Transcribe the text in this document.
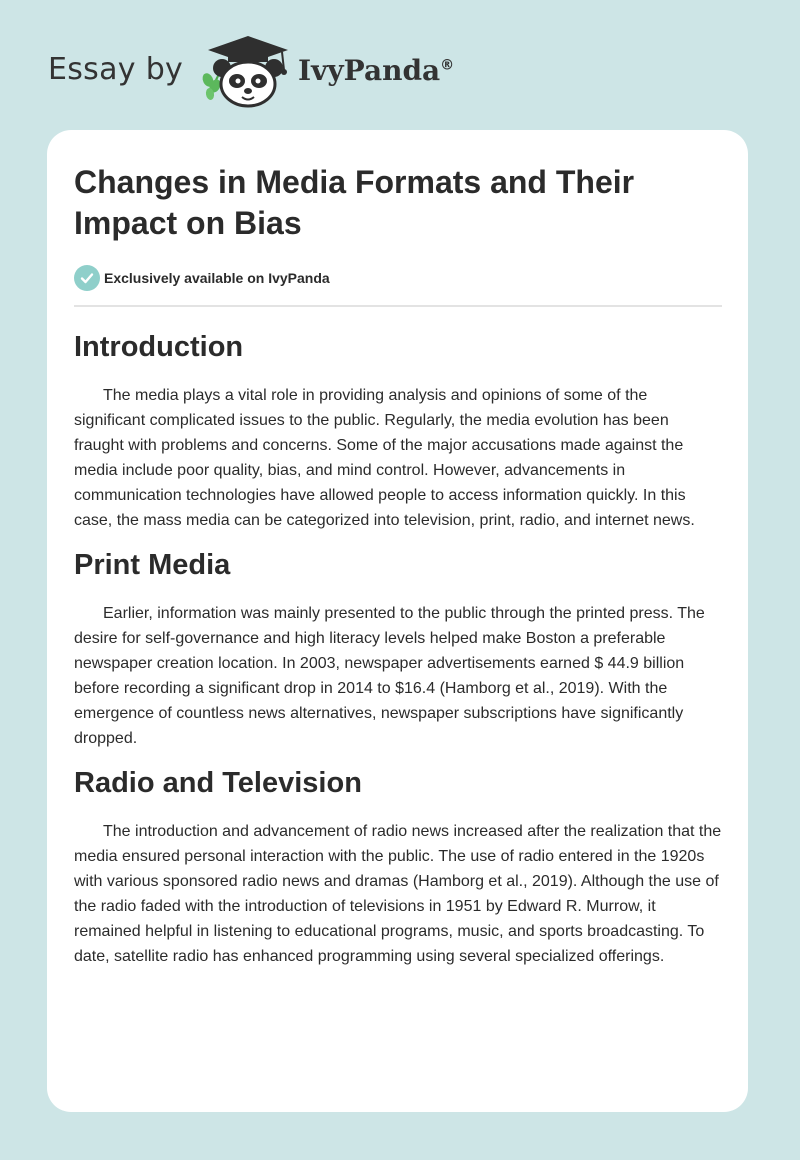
Essay by	IvyPanda®
Changes in Media Formats and Their Impact on Bias
Exclusively available on IvyPanda
Introduction

The media plays a vital role in providing analysis and opinions of some of the significant complicated issues to the public. Regularly, the media evolution has been fraught with problems and concerns. Some of the major accusations made against the media include poor quality, bias, and mind control. However, advancements in communication technologies have allowed people to access information quickly. In this case, the mass media can be categorized into television, print, radio, and internet news.

Print Media

Earlier, information was mainly presented to the public through the printed press. The desire for self-governance and high literacy levels helped make Boston a preferable newspaper creation location. In 2003, newspaper advertisements earned $ 44.9 billion before recording a significant drop in 2014 to $16.4 (Hamborg et al., 2019). With the emergence of countless news alternatives, newspaper subscriptions have significantly dropped.

Radio and Television

The introduction and advancement of radio news increased after the realization that the media ensured personal interaction with the public. The use of radio entered in the 1920s with various sponsored radio news and dramas (Hamborg et al., 2019). Although the use of the radio faded with the introduction of televisions in 1951 by Edward R. Murrow, it remained helpful in listening to educational programs, music, and sports broadcasting. To date, satellite radio has enhanced programming using several specialized offerings.
